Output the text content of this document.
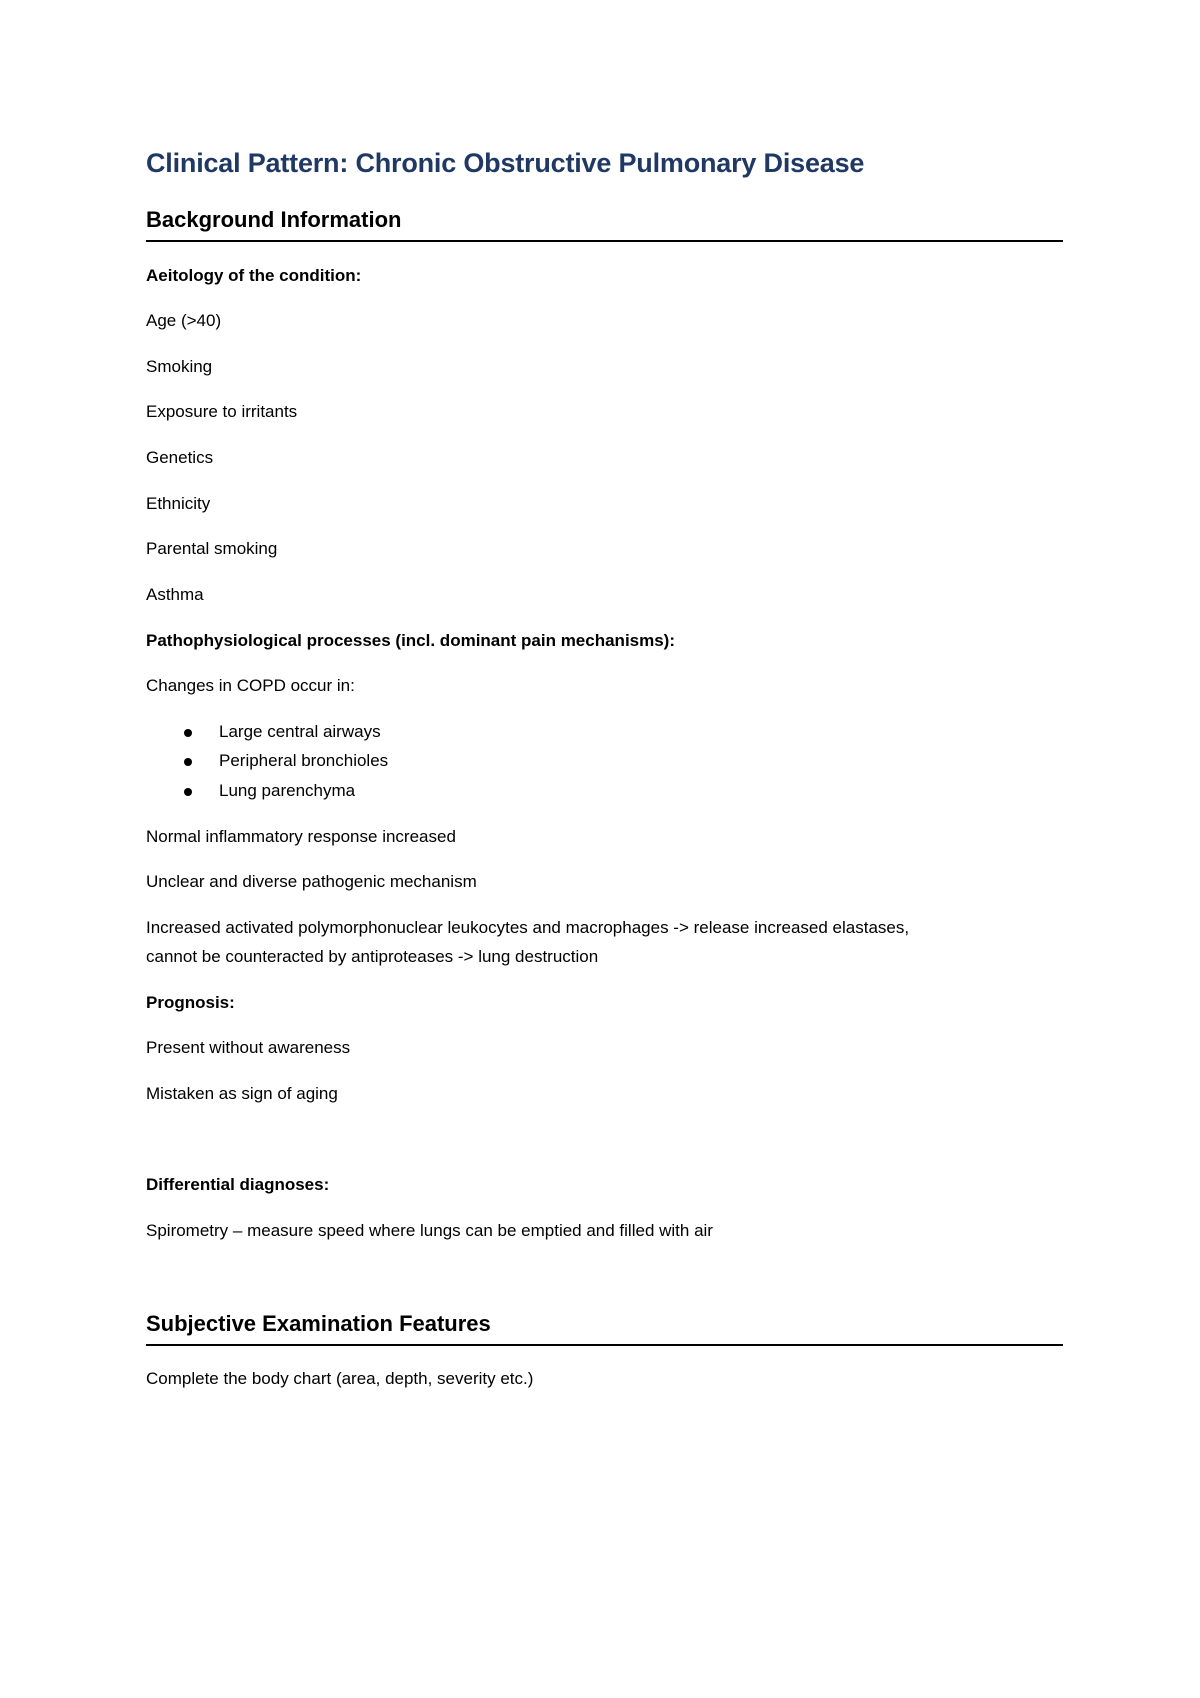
Clinical Pattern: Chronic Obstructive Pulmonary Disease
Background Information
Aeitology of the condition:
Age (>40)
Smoking
Exposure to irritants
Genetics
Ethnicity
Parental smoking
Asthma
Pathophysiological processes (incl. dominant pain mechanisms):
Changes in COPD occur in:
Large central airways
Peripheral bronchioles
Lung parenchyma
Normal inflammatory response increased
Unclear and diverse pathogenic mechanism
Increased activated polymorphonuclear leukocytes and macrophages -> release increased elastases,
cannot be counteracted by antiproteases -> lung destruction
Prognosis:
Present without awareness
Mistaken as sign of aging
Differential diagnoses:
Spirometry – measure speed where lungs can be emptied and filled with air
Subjective Examination Features
Complete the body chart (area, depth, severity etc.)
